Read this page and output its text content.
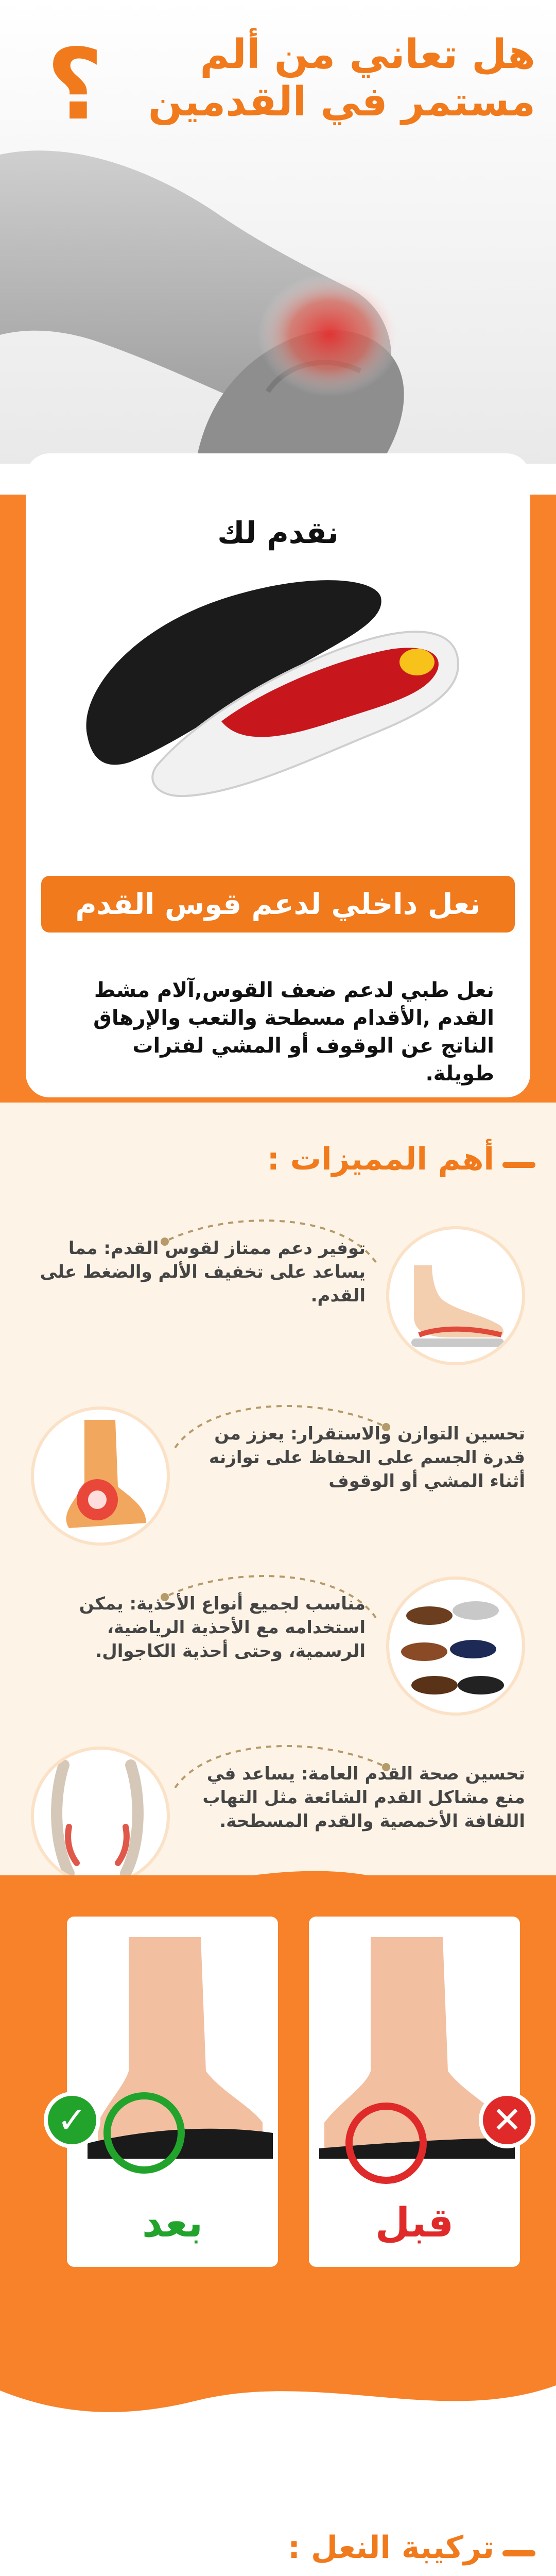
؟	هل تعاني من ألم
مستمر في القدمين
نقدم لك
نعل داخلي لدعم قوس القدم

نعل طبي لدعم ضعف القوس,آلام مشط القدم ,الأقدام مسطحة والتعب والإرهاق الناتج عن الوقوف أو المشي لفترات طويلة.

أهم المميزات :

توفير دعم ممتاز لقوس القدم: مما يساعد على تخفيف الألم والضغط على القدم.

تحسين التوازن والاستقرار: يعزز من قدرة الجسم على الحفاظ على توازنه أثناء المشي أو الوقوف

مناسب لجميع أنواع الأحذية: يمكن استخدامه مع الأحذية الرياضية، الرسمية، وحتى أحذية الكاجوال.

تحسين صحة القدم العامة: يساعد في منع مشاكل القدم الشائعة مثل التهاب اللفافة الأخمصية والقدم المسطحة.

بعد
✓
قبل
✕
تركيبة النعل :
